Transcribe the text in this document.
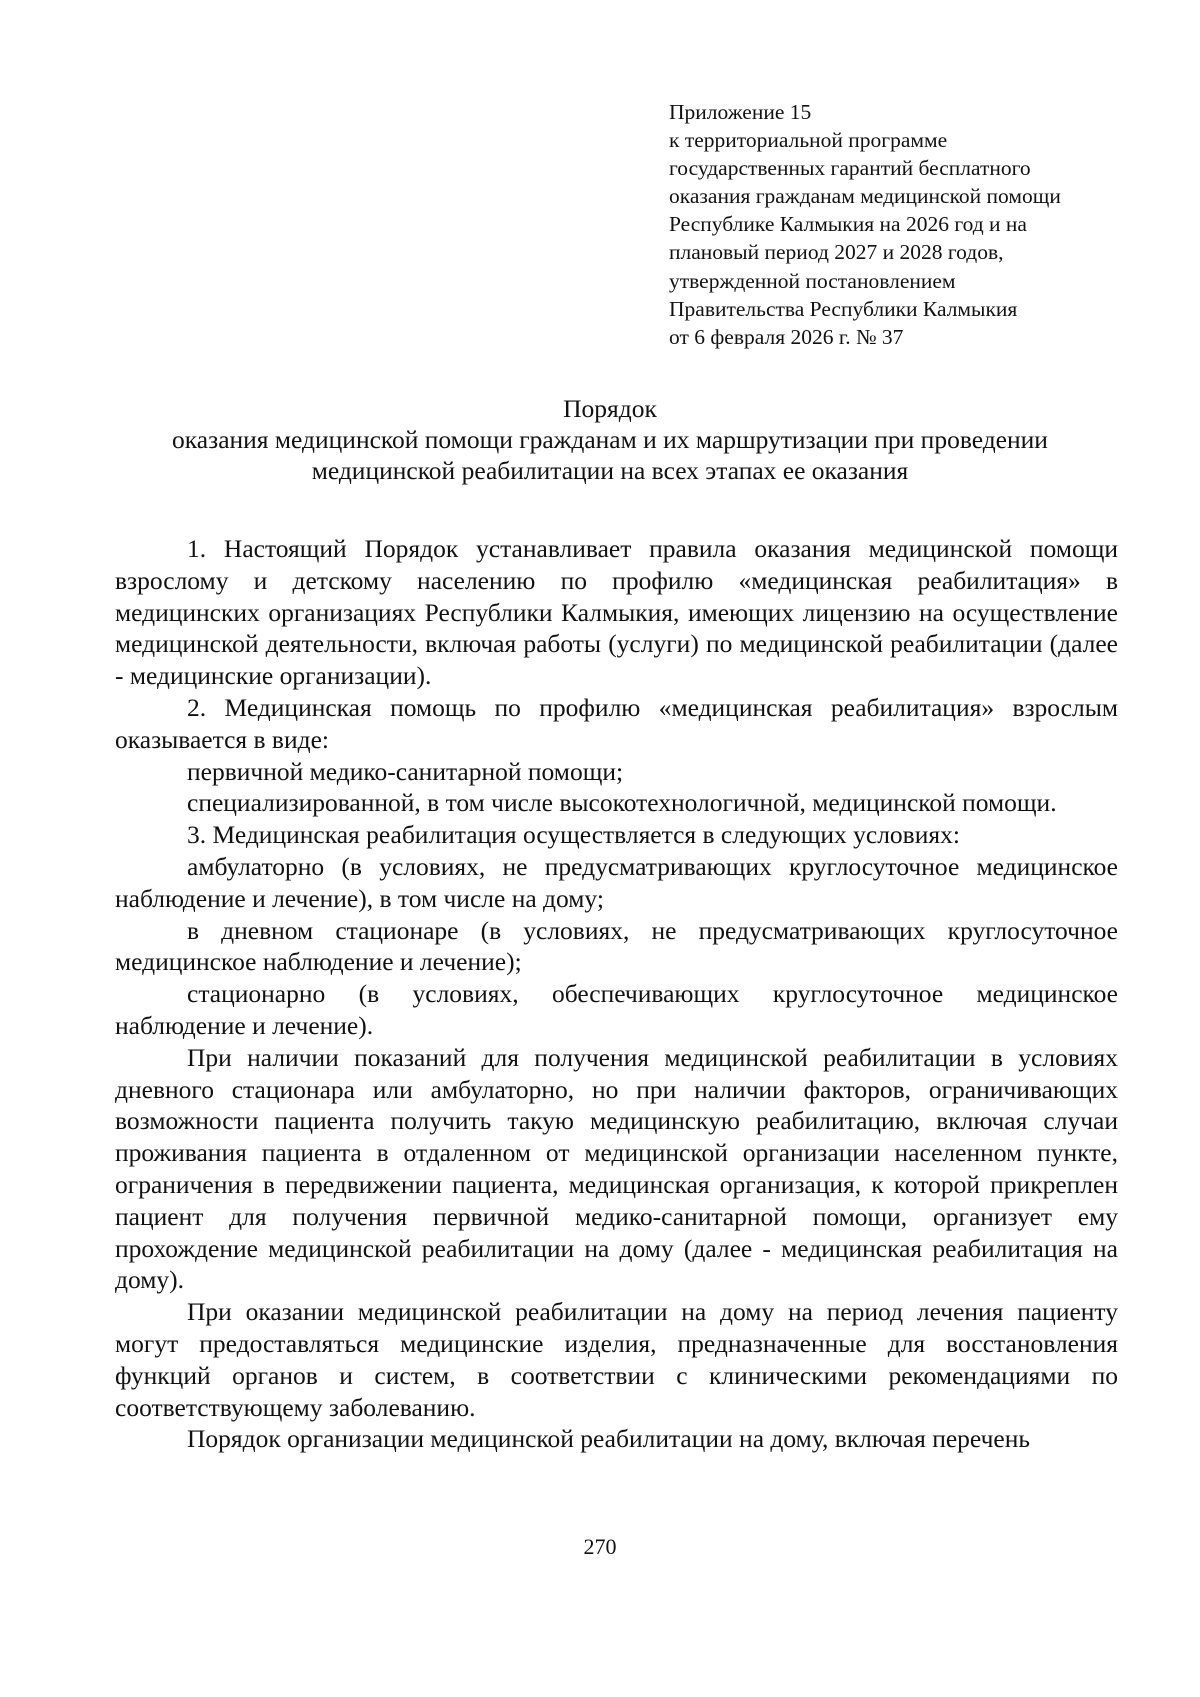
Приложение 15
к территориальной программе
государственных гарантий бесплатного
оказания гражданам медицинской помощи
Республике Калмыкия на 2026 год и на
плановый период 2027 и 2028 годов,
утвержденной постановлением
Правительства Республики Калмыкия
от 6 февраля 2026 г. № 37
Порядок
оказания медицинской помощи гражданам и их маршрутизации при проведении
медицинской реабилитации на всех этапах ее оказания

1. Настоящий Порядок устанавливает правила оказания медицинской помощи взрослому и детскому населению по профилю «медицинская реабилитация» в медицинских организациях Республики Калмыкия, имеющих лицензию на осуществление медицинской деятельности, включая работы (услуги) по медицинской реабилитации (далее - медицинские организации).

2. Медицинская помощь по профилю «медицинская реабилитация» взрослым оказывается в виде:

первичной медико-санитарной помощи;

специализированной, в том числе высокотехнологичной, медицинской помощи.

3. Медицинская реабилитация осуществляется в следующих условиях:

амбулаторно (в условиях, не предусматривающих круглосуточное медицинское наблюдение и лечение), в том числе на дому;

в дневном стационаре (в условиях, не предусматривающих круглосуточное медицинское наблюдение и лечение);

стационарно (в условиях, обеспечивающих круглосуточное медицинское наблюдение и лечение).

При наличии показаний для получения медицинской реабилитации в условиях дневного стационара или амбулаторно, но при наличии факторов, ограничивающих возможности пациента получить такую медицинскую реабилитацию, включая случаи проживания пациента в отдаленном от медицинской организации населенном пункте, ограничения в передвижении пациента, медицинская организация, к которой прикреплен пациент для получения первичной медико-санитарной помощи, организует ему прохождение медицинской реабилитации на дому (далее - медицинская реабилитация на дому).

При оказании медицинской реабилитации на дому на период лечения пациенту могут предоставляться медицинские изделия, предназначенные для восстановления функций органов и систем, в соответствии с клиническими рекомендациями по соответствующему заболеванию.

Порядок организации медицинской реабилитации на дому, включая перечень

270
